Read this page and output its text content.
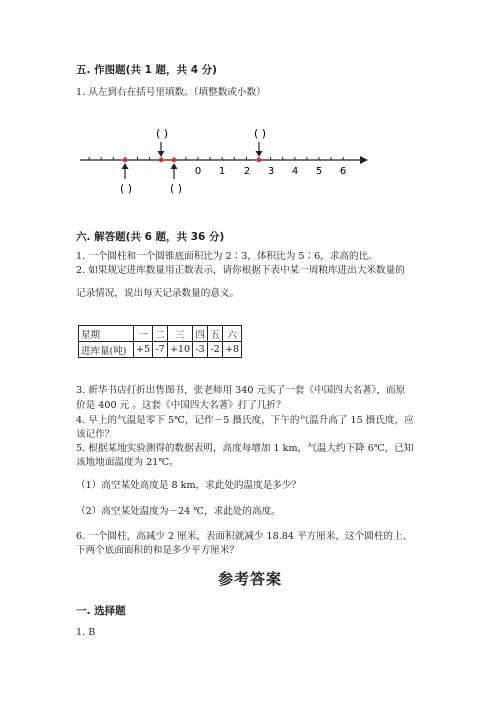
五. 作图题(共 1 题，共 4 分)
1. 从左到右在括号里填数。（填整数或小数）
0 1 2 3 4 5 6
( )	( )
( )	( )
六. 解答题(共 6 题，共 36 分)
1. 一个圆柱和一个圆锥底面积比为 2∶3，体积比为 5∶6，求高的比。
2. 如果规定进库数量用正数表示，请你根据下表中某一周粮库进出大米数量的
记录情况，说出每天记录数量的意义。
星期	一	二	三	四	五	六
进库量(吨)	+5	-7	+10	-3	-2	+8
3. 新华书店打折出售图书，张老师用 340 元买了一套《中国四大名著》，而原
价是 400 元 。这套《中国四大名著》打了几折？
4. 早上的气温是零下 5℃，记作－5 摄氏度，下午的气温升高了 15 摄氏度，应
该记作？
5. 根据某地实验测得的数据表明，高度每增加 1 km，气温大约下降 6℃，已知
该地地面温度为 21℃。
（1）高空某处高度是 8 km，求此处的温度是多少？
（2）高空某处温度为－24 ℃，求此处的高度。
6. 一个圆柱，高减少 2 厘米，表面积就减少 18.84 平方厘米，这个圆柱的上、
下两个底面面积的和是多少平方厘米？
参考答案
一. 选择题
1. B
